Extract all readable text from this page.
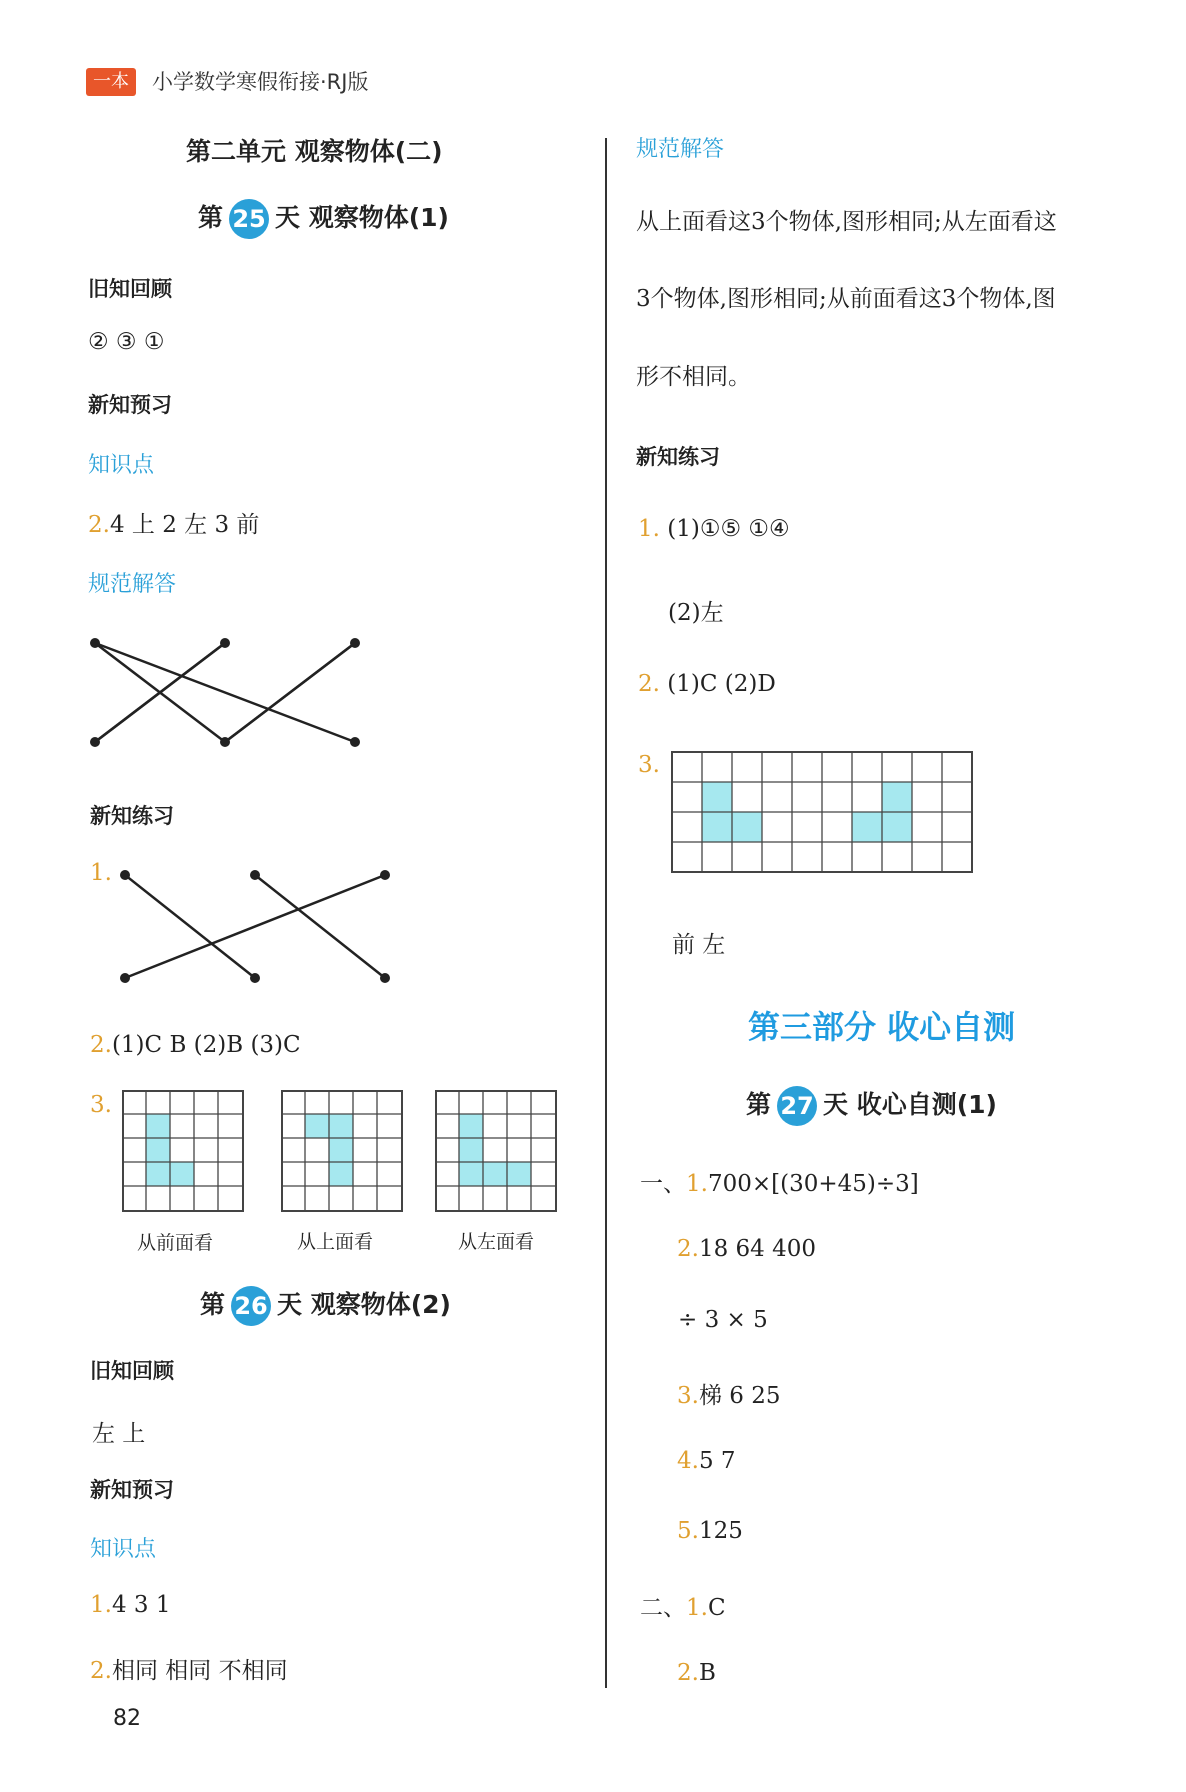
一本	小学数学寒假衔接·RJ版
第二单元 观察物体(二)
第 25 天 观察物体(1)
旧知回顾
② ③ ①
新知预习
知识点
2.4 上 2 左 3 前
规范解答
新知练习
1.
2.(1)C B (2)B (3)C
3.
从前面看	从上面看	从左面看
第 26 天 观察物体(2)
旧知回顾
左 上
新知预习
知识点
1.4 3 1
2.相同 相同 不相同
82
规范解答
从上面看这3个物体,图形相同;从左面看这
3个物体,图形相同;从前面看这3个物体,图
形不相同。
新知练习
1. (1)①⑤ ①④
(2)左
2. (1)C (2)D
3.
前 左
第三部分 收心自测
第 27 天 收心自测(1)
一、1.700×[(30+45)÷3]
2.18 64 400
÷ 3 × 5
3.梯 6 25
4.5 7
5.125
二、1.C
2.B
